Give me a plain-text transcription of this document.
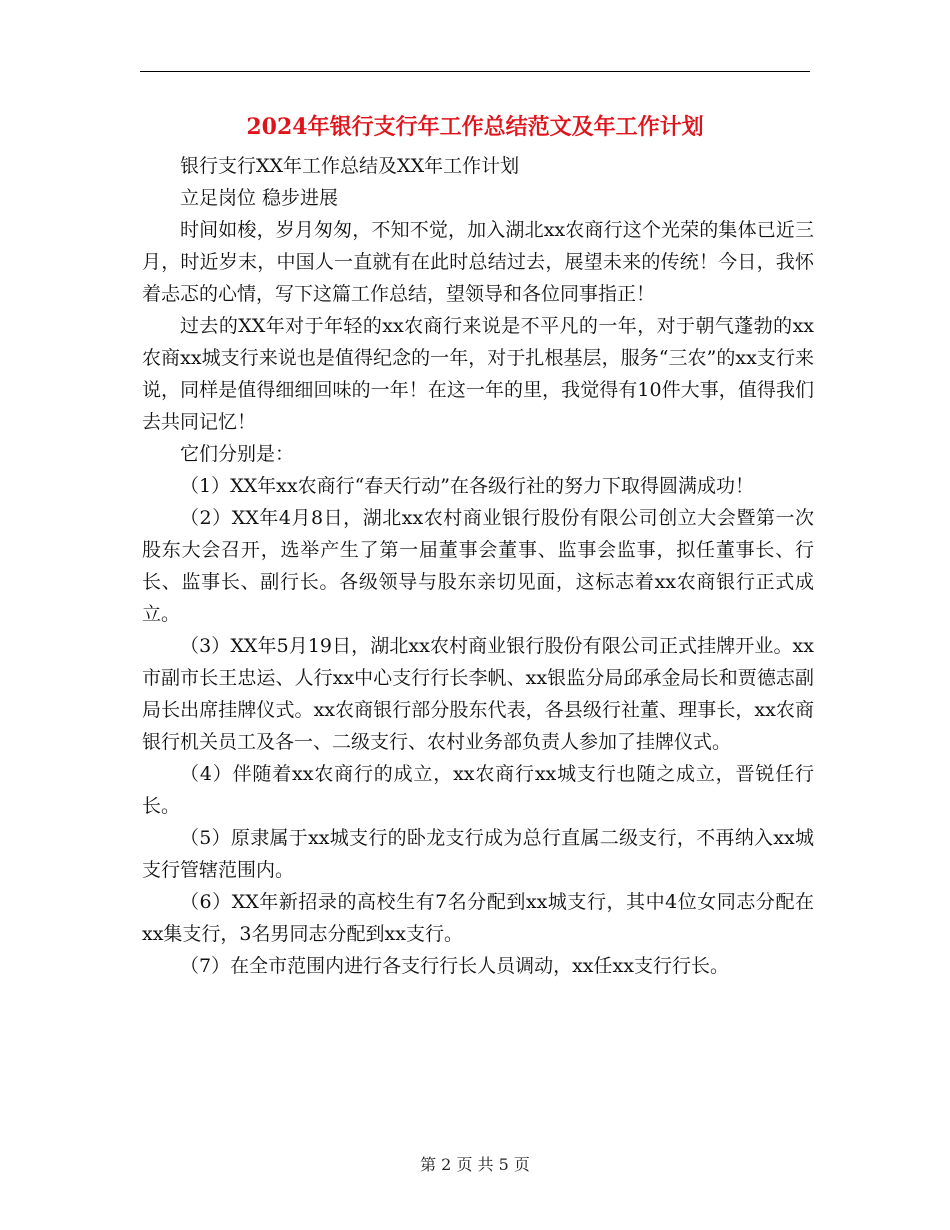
2024年银行支行年工作总结范文及年工作计划

银行支行XX年工作总结及XX年工作计划

立足岗位 稳步进展

时间如梭，岁月匆匆，不知不觉，加入湖北xx农商行这个光荣的集体已近三月，时近岁末，中国人一直就有在此时总结过去，展望未来的传统！今日，我怀着忐忑的心情，写下这篇工作总结，望领导和各位同事指正！

过去的XX年对于年轻的xx农商行来说是不平凡的一年，对于朝气蓬勃的xx农商xx城支行来说也是值得纪念的一年，对于扎根基层，服务“三农”的xx支行来说，同样是值得细细回味的一年！在这一年的里，我觉得有10件大事，值得我们去共同记忆！

它们分别是：

（1）XX年xx农商行“春天行动”在各级行社的努力下取得圆满成功！

（2）XX年4月8日，湖北xx农村商业银行股份有限公司创立大会暨第一次股东大会召开，选举产生了第一届董事会董事、监事会监事，拟任董事长、行长、监事长、副行长。各级领导与股东亲切见面，这标志着xx农商银行正式成立。

（3）XX年5月19日，湖北xx农村商业银行股份有限公司正式挂牌开业。xx市副市长王忠运、人行xx中心支行行长李帆、xx银监分局邱承金局长和贾德志副局长出席挂牌仪式。xx农商银行部分股东代表，各县级行社董、理事长，xx农商银行机关员工及各一、二级支行、农村业务部负责人参加了挂牌仪式。

（4）伴随着xx农商行的成立，xx农商行xx城支行也随之成立，晋锐任行长。

（5）原隶属于xx城支行的卧龙支行成为总行直属二级支行，不再纳入xx城支行管辖范围内。

（6）XX年新招录的高校生有7名分配到xx城支行，其中4位女同志分配在xx集支行，3名男同志分配到xx支行。

（7）在全市范围内进行各支行行长人员调动，xx任xx支行行长。

第 2 页 共 5 页
